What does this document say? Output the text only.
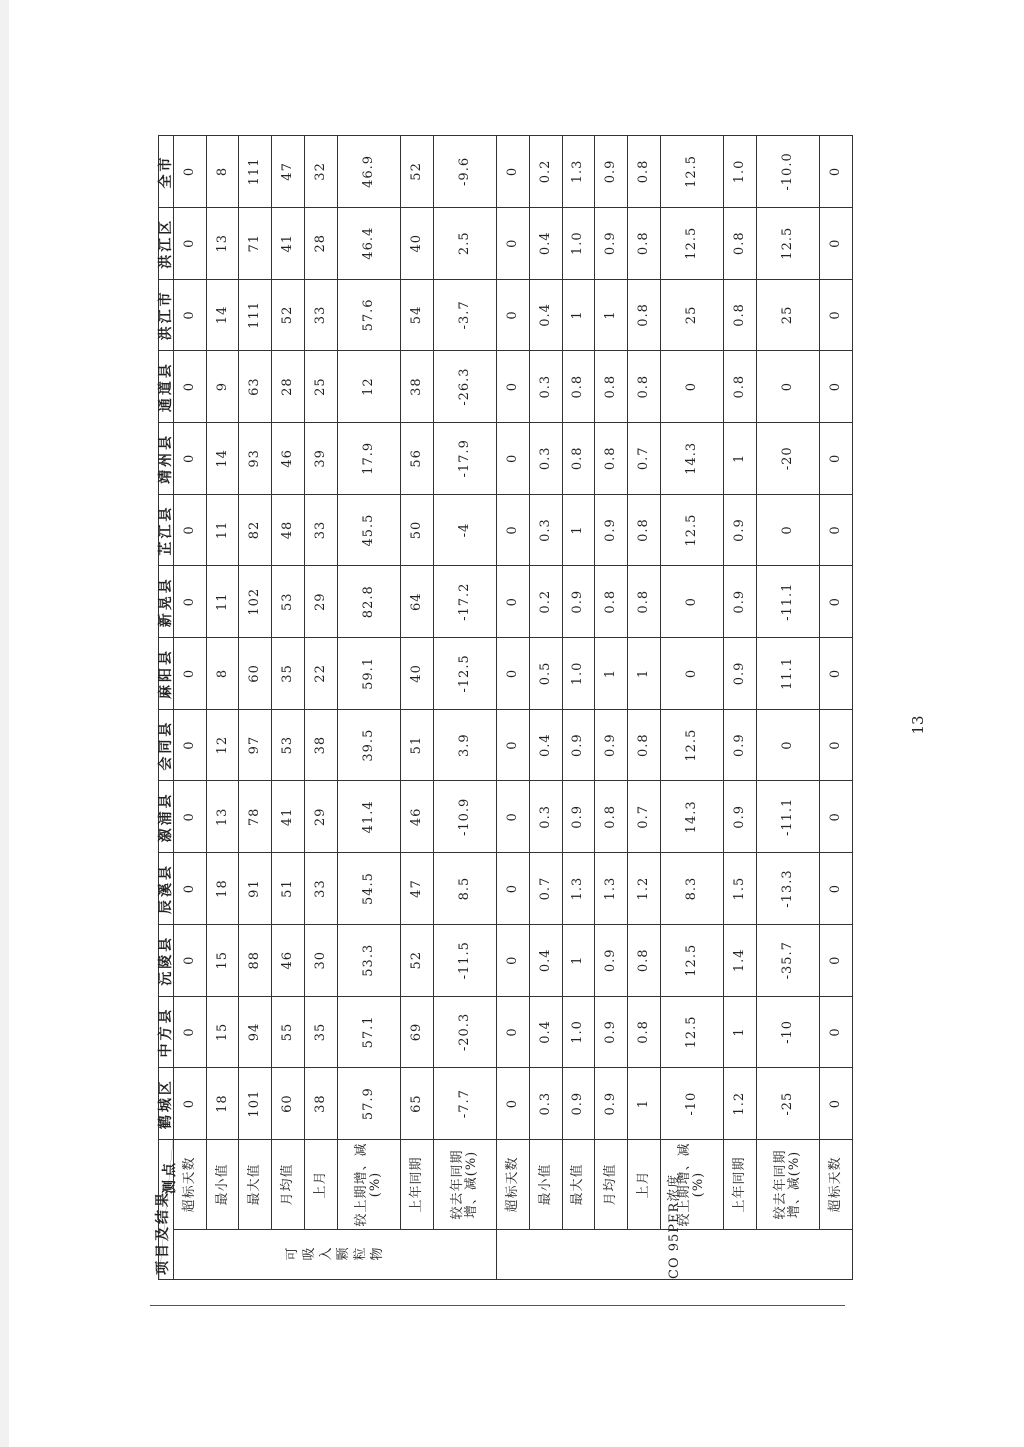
测点
项目及结果		鹤城区	中方县	沅陵县	辰溪县	溆浦县	会同县	麻阳县	新晃县	芷江县	靖州县	通道县	洪江市	洪江区	全市

可吸入颗粒物	超标天数	0	0	0	0	0	0	0	0	0	0	0	0	0	0
	最小值	18	15	15	18	13	12	8	11	11	14	9	14	13	8
	最大值	101	94	88	91	78	97	60	102	82	93	63	111	71	111
	月均值	60	55	46	51	41	53	35	53	48	46	28	52	41	47
	上月	38	35	30	33	29	38	22	29	33	39	25	33	28	32
	较上期增、减(%)	57.9	57.1	53.3	54.5	41.4	39.5	59.1	82.8	45.5	17.9	12	57.6	46.4	46.9
	上年同期	65	69	52	47	46	51	40	64	50	56	38	54	40	52
	较去年同期增、减(%)	-7.7	-20.3	-11.5	8.5	-10.9	3.9	-12.5	-17.2	-4	-17.9	-26.3	-3.7	2.5	-9.6

CO 95PER浓度	超标天数	0	0	0	0	0	0	0	0	0	0	0	0	0	0
	最小值	0.3	0.4	0.4	0.7	0.3	0.4	0.5	0.2	0.3	0.3	0.3	0.4	0.4	0.2
	最大值	0.9	1.0	1	1.3	0.9	0.9	1.0	0.9	1	0.8	0.8	1	1.0	1.3
	月均值	0.9	0.9	0.9	1.3	0.8	0.9	1	0.8	0.9	0.8	0.8	1	0.9	0.9
	上月	1	0.8	0.8	1.2	0.7	0.8	1	0.8	0.8	0.7	0.8	0.8	0.8	0.8
	较上期增、减(%)	-10	12.5	12.5	8.3	14.3	12.5	0	0	12.5	14.3	0	25	12.5	12.5
	上年同期	1.2	1	1.4	1.5	0.9	0.9	0.9	0.9	0.9	1	0.8	0.8	0.8	1.0
	较去年同期增、减(%)	-25	-10	-35.7	-13.3	-11.1	0	11.1	-11.1	0	-20	0	25	12.5	-10.0
	超标天数	0	0	0	0	0	0	0	0	0	0	0	0	0	0
13
